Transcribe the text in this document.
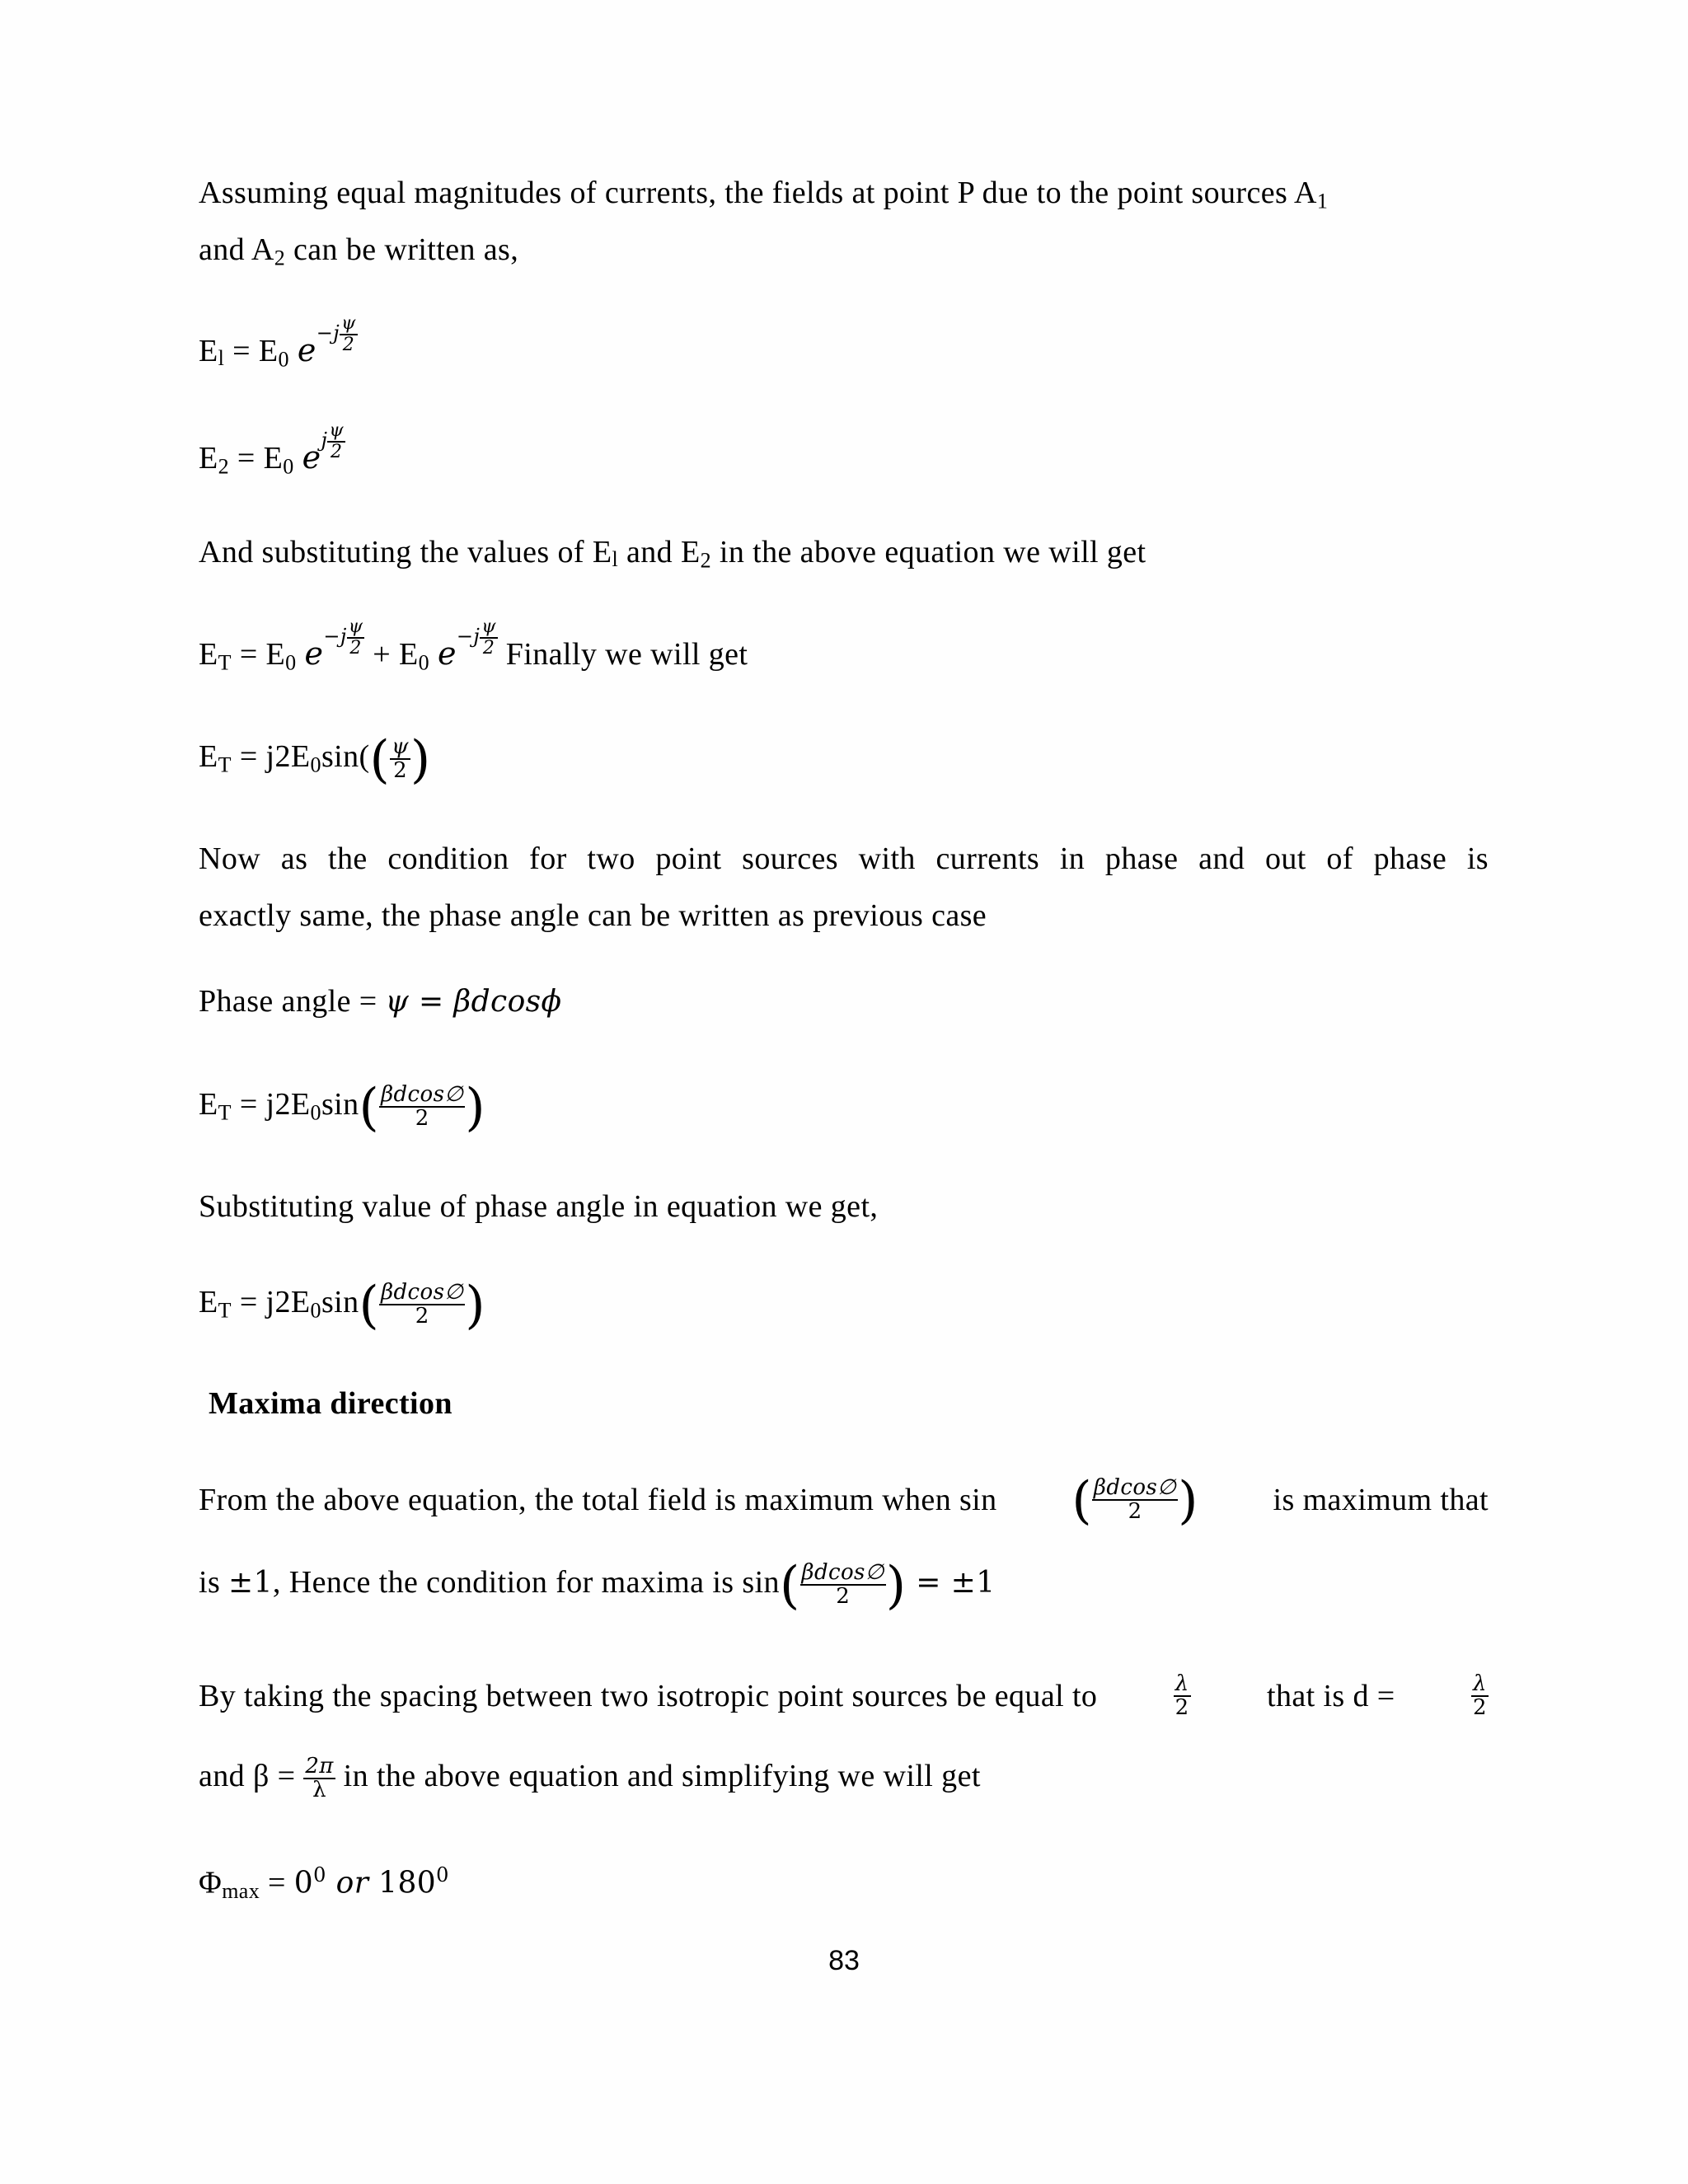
Assuming equal magnitudes of currents, the fields at point P due to the point sources $A_1$

and $A_2$ can be written as,

$E_l = E_0$ $e-j \frac{\psi}{2}$

$E_2 = E_0$ ej $\frac{\psi}{2}$

And substituting the values of $E_l$ and $E_2$ in the above equation we will get

$E_T = E_0$ $e-j \frac{\psi}{2} + E_0$ $e-j \frac{\psi}{2}$ Finally we will get

$E_T = j2E_0\sin(( \frac{\psi}{2}$ )

Now as the condition for two point sources with currents in phase and out of phase is

exactly same, the phase angle can be written as previous case

Phase angle = ψ = βdcosϕ

$E_T = j2E_0\sin( \frac{\beta dcos\emptyset}{2}$ )

Substituting value of phase angle in equation we get,

$E_T = j2E_0\sin( \frac{\beta dcos\emptyset}{2}$ )

Maxima direction

From the above equation, the total field is maximum when sin ( $\frac{\beta dcos\emptyset}{2}$ ) is maximum that

is ±1, Hence the condition for maxima is $\sin( \frac{\beta dcos\emptyset}{2}$ ) = ±1

By taking the spacing between two isotropic point sources be equal to	$\frac{\lambda}{2}$ that is d =	$\frac{\lambda}{2}$

and $\beta = \frac{2\pi}{\lambda}$ in the above equation and simplifying we will get

$\Phi_{max} = 0^0$ or $180^0$

83
